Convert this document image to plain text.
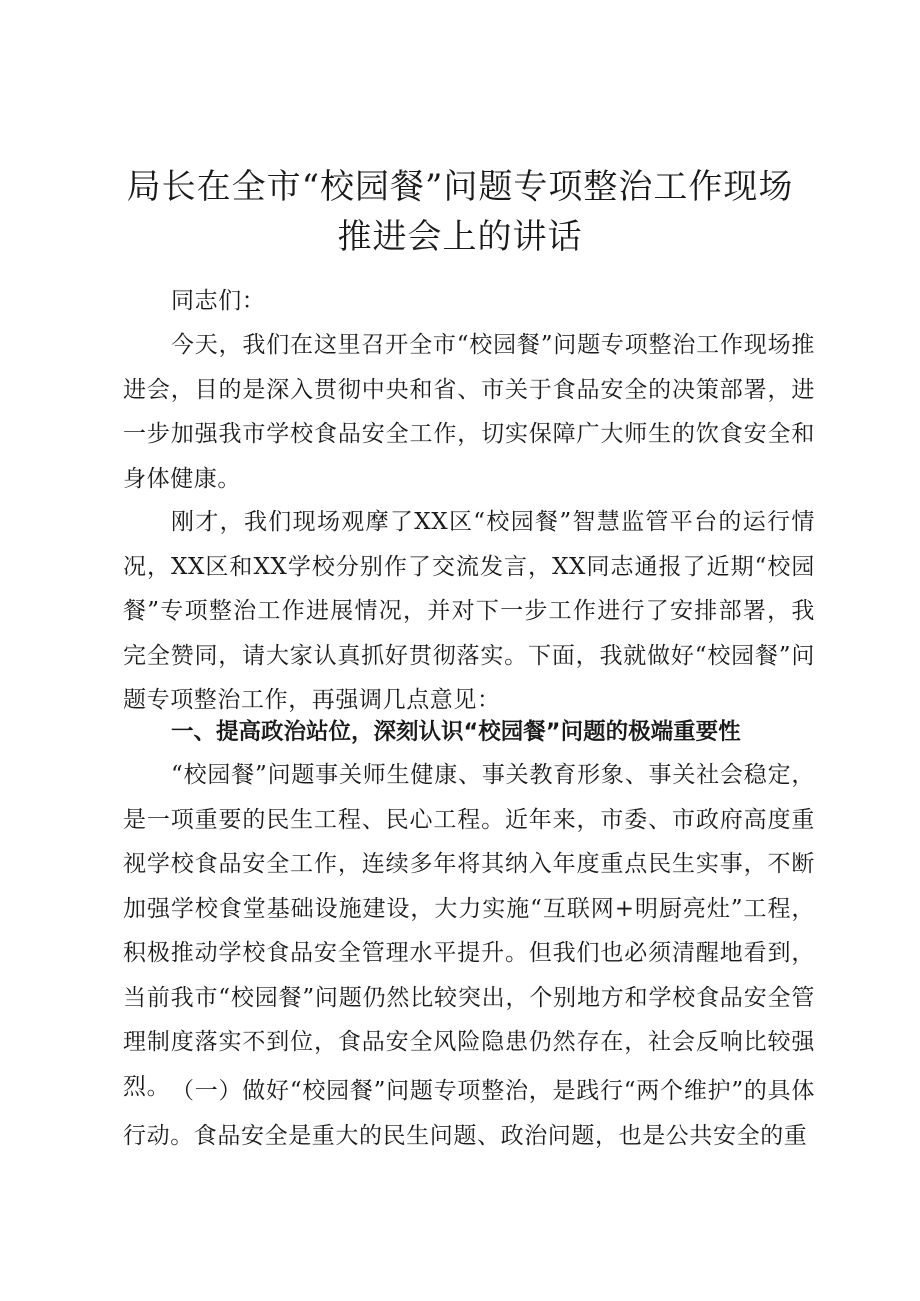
局长在全市“校园餐”问题专项整治工作现场
推进会上的讲话

同志们：

今天，我们在这里召开全市“校园餐”问题专项整治工作现场推进会，目的是深入贯彻中央和省、市关于食品安全的决策部署，进一步加强我市学校食品安全工作，切实保障广大师生的饮食安全和身体健康。

刚才，我们现场观摩了XX区“校园餐”智慧监管平台的运行情况，XX区和XX学校分别作了交流发言，XX同志通报了近期“校园餐”专项整治工作进展情况，并对下一步工作进行了安排部署，我完全赞同，请大家认真抓好贯彻落实。下面，我就做好“校园餐”问题专项整治工作，再强调几点意见：

一、提高政治站位，深刻认识“校园餐”问题的极端重要性

“校园餐”问题事关师生健康、事关教育形象、事关社会稳定，是一项重要的民生工程、民心工程。近年来，市委、市政府高度重视学校食品安全工作，连续多年将其纳入年度重点民生实事，不断加强学校食堂基础设施建设，大力实施“互联网+明厨亮灶”工程，积极推动学校食品安全管理水平提升。但我们也必须清醒地看到，当前我市“校园餐”问题仍然比较突出，个别地方和学校食品安全管理制度落实不到位，食品安全风险隐患仍然存在，社会反响比较强烈。 （一）做好“校园餐”问题专项整治，是践行“两个维护”的具体行动。食品安全是重大的民生问题、政治问题，也是公共安全的重
